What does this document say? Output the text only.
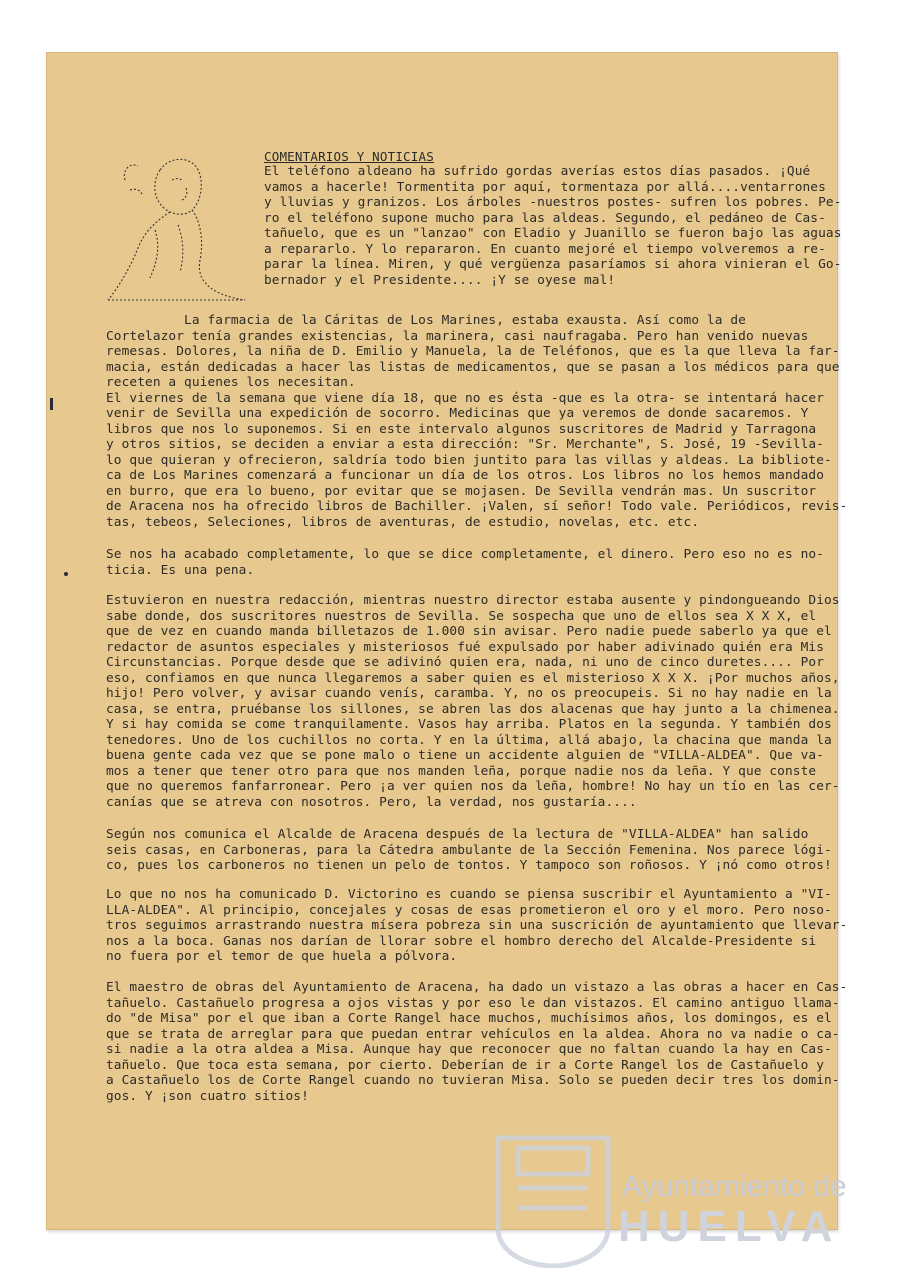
COMENTARIOS Y NOTICIAS
El teléfono aldeano ha sufrido gordas averías estos días pasados. ¡Qué
vamos a hacerle! Tormentita por aquí, tormentaza por allá....ventarrones
y lluvias y granizos. Los árboles -nuestros postes- sufren los pobres. Pe-
ro el teléfono supone mucho para las aldeas. Segundo, el pedáneo de Cas-
tañuelo, que es un "lanzao" con Eladio y Juanillo se fueron bajo las aguas
a repararlo. Y lo repararon. En cuanto mejoré el tiempo volveremos a re-
parar la línea. Miren, y qué vergüenza pasaríamos si ahora vinieran el Go-
bernador y el Presidente.... ¡Y se oyese mal!
La farmacia de la Cáritas de Los Marines, estaba exausta. Así como la de
Cortelazor tenía grandes existencias, la marinera, casi naufragaba. Pero han venido nuevas
remesas. Dolores, la niña de D. Emilio y Manuela, la de Teléfonos, que es la que lleva la far-
macia, están dedicadas a hacer las listas de medicamentos, que se pasan a los médicos para que
receten a quienes los necesitan.
El viernes de la semana que viene día 18, que no es ésta -que es la otra- se intentará hacer
venir de Sevilla una expedición de socorro. Medicinas que ya veremos de donde sacaremos. Y
libros que nos lo suponemos. Si en este intervalo algunos suscritores de Madrid y Tarragona
y otros sitios, se deciden a enviar a esta dirección: "Sr. Merchante", S. José, 19 -Sevilla-
lo que quieran y ofrecieron, saldría todo bien juntito para las villas y aldeas. La bibliote-
ca de Los Marines comenzará a funcionar un día de los otros. Los libros no los hemos mandado
en burro, que era lo bueno, por evitar que se mojasen. De Sevilla vendrán mas. Un suscritor
de Aracena nos ha ofrecido libros de Bachiller. ¡Valen, sí señor! Todo vale. Periódicos, revis-
tas, tebeos, Seleciones, libros de aventuras, de estudio, novelas, etc. etc.
Se nos ha acabado completamente, lo que se dice completamente, el dinero. Pero eso no es no-
ticia. Es una pena.
Estuvieron en nuestra redacción, mientras nuestro director estaba ausente y pindongueando Dios
sabe donde, dos suscritores nuestros de Sevilla. Se sospecha que uno de ellos sea X X X, el
que de vez en cuando manda billetazos de 1.000 sin avisar. Pero nadie puede saberlo ya que el
redactor de asuntos especiales y misteriosos fué expulsado por haber adivinado quién era Mis
Circunstancias. Porque desde que se adivinó quien era, nada, ni uno de cinco duretes.... Por
eso, confiamos en que nunca llegaremos a saber quien es el misterioso X X X. ¡Por muchos años,
hijo! Pero volver, y avisar cuando venís, caramba. Y, no os preocupeis. Si no hay nadie en la
casa, se entra, pruébanse los sillones, se abren las dos alacenas que hay junto a la chimenea.
Y si hay comida se come tranquilamente. Vasos hay arriba. Platos en la segunda. Y también dos
tenedores. Uno de los cuchillos no corta. Y en la última, allá abajo, la chacina que manda la
buena gente cada vez que se pone malo o tiene un accidente alguien de "VILLA-ALDEA". Que va-
mos a tener que tener otro para que nos manden leña, porque nadie nos da leña. Y que conste
que no queremos fanfarronear. Pero ¡a ver quien nos da leña, hombre! No hay un tío en las cer-
canías que se atreva con nosotros. Pero, la verdad, nos gustaría....
Según nos comunica el Alcalde de Aracena después de la lectura de "VILLA-ALDEA" han salido
seis casas, en Carboneras, para la Cátedra ambulante de la Sección Femenina. Nos parece lógi-
co, pues los carboneros no tienen un pelo de tontos. Y tampoco son roñosos. Y ¡nó como otros!
Lo que no nos ha comunicado D. Victorino es cuando se piensa suscribir el Ayuntamiento a "VI-
LLA-ALDEA". Al principio, concejales y cosas de esas prometieron el oro y el moro. Pero noso-
tros seguimos arrastrando nuestra mísera pobreza sin una suscrición de ayuntamiento que llevar-
nos a la boca. Ganas nos darían de llorar sobre el hombro derecho del Alcalde-Presidente si
no fuera por el temor de que huela a pólvora.
El maestro de obras del Ayuntamiento de Aracena, ha dado un vistazo a las obras a hacer en Cas-
tañuelo. Castañuelo progresa a ojos vistas y por eso le dan vistazos. El camino antiguo llama-
do "de Misa" por el que iban a Corte Rangel hace muchos, muchísimos años, los domingos, es el
que se trata de arreglar para que puedan entrar vehículos en la aldea. Ahora no va nadie o ca-
si nadie a la otra aldea a Misa. Aunque hay que reconocer que no faltan cuando la hay en Cas-
tañuelo. Que toca esta semana, por cierto. Deberían de ir a Corte Rangel los de Castañuelo y
a Castañuelo los de Corte Rangel cuando no tuvieran Misa. Solo se pueden decir tres los domin-
gos. Y ¡son cuatro sitios!
Ayuntamiento de
HUELVA
